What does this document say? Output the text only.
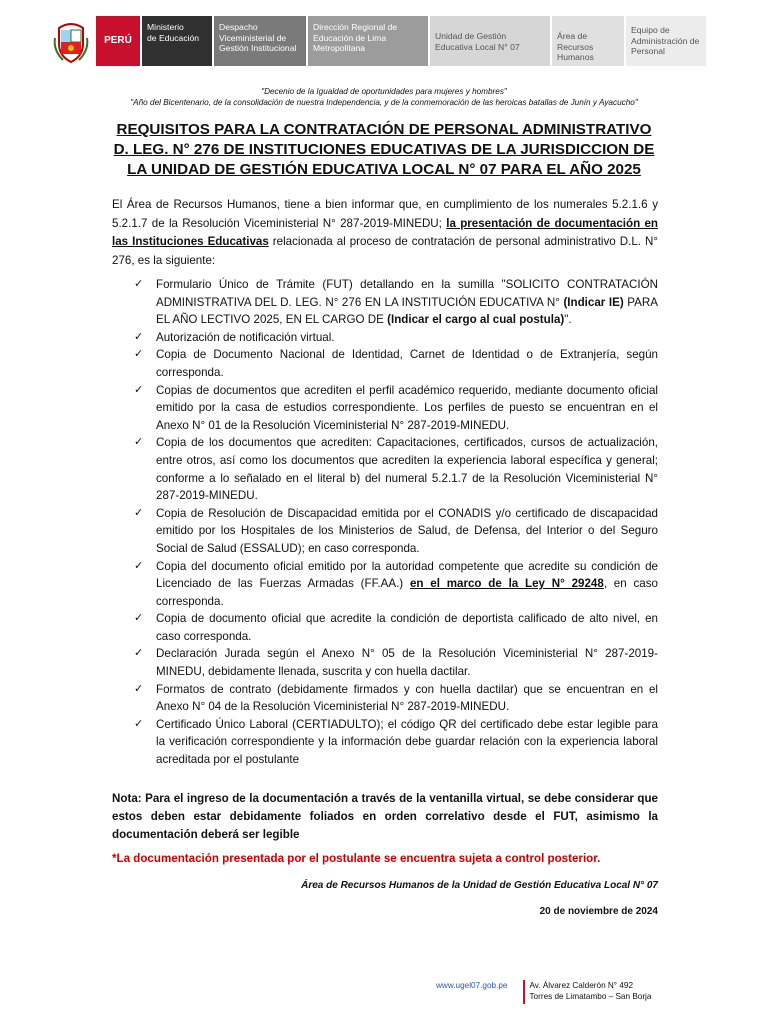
PERÚ
Ministerio
de Educación
Despacho
Viceministerial de
Gestión Institucional
Dirección Regional de
Educación de Lima
Metropolitana
Unidad de Gestión
Educativa Local N° 07
Área de Recursos
Humanos
Equipo de
Administración de
Personal
"Decenio de la Igualdad de oportunidades para mujeres y hombres"
"Año del Bicentenario, de la consolidación de nuestra Independencia, y de la conmemoración de las heroicas batallas de Junín y Ayacucho"
REQUISITOS PARA LA CONTRATACIÓN DE PERSONAL ADMINISTRATIVO D. LEG. N° 276 DE INSTITUCIONES EDUCATIVAS DE LA JURISDICCION DE LA UNIDAD DE GESTIÓN EDUCATIVA LOCAL N° 07 PARA EL AÑO 2025
El Área de Recursos Humanos, tiene a bien informar que, en cumplimiento de los numerales 5.2.1.6 y 5.2.1.7 de la Resolución Viceministerial N° 287-2019-MINEDU; la presentación de documentación en las Instituciones Educativas relacionada al proceso de contratación de personal administrativo D.L. N° 276, es la siguiente:
✓ Formulario Único de Trámite (FUT) detallando en la sumilla "SOLICITO CONTRATACIÓN ADMINISTRATIVA DEL D. LEG. N° 276 EN LA INSTITUCIÓN EDUCATIVA N° (Indicar IE) PARA EL AÑO LECTIVO 2025, EN EL CARGO DE (Indicar el cargo al cual postula)".
✓ Autorización de notificación virtual.
✓ Copia de Documento Nacional de Identidad, Carnet de Identidad o de Extranjería, según corresponda.
✓ Copias de documentos que acrediten el perfil académico requerido, mediante documento oficial emitido por la casa de estudios correspondiente. Los perfiles de puesto se encuentran en el Anexo N° 01 de la Resolución Viceministerial N° 287-2019-MINEDU.
✓ Copia de los documentos que acrediten: Capacitaciones, certificados, cursos de actualización, entre otros, así como los documentos que acrediten la experiencia laboral específica y general; conforme a lo señalado en el literal b) del numeral 5.2.1.7 de la Resolución Viceministerial N° 287-2019-MINEDU.
✓ Copia de Resolución de Discapacidad emitida por el CONADIS y/o certificado de discapacidad emitido por los Hospitales de los Ministerios de Salud, de Defensa, del Interior o del Seguro Social de Salud (ESSALUD); en caso corresponda.
✓ Copia del documento oficial emitido por la autoridad competente que acredite su condición de Licenciado de las Fuerzas Armadas (FF.AA.) en el marco de la Ley N° 29248, en caso corresponda.
✓ Copia de documento oficial que acredite la condición de deportista calificado de alto nivel, en caso corresponda.
✓ Declaración Jurada según el Anexo N° 05 de la Resolución Viceministerial N° 287-2019-MINEDU, debidamente llenada, suscrita y con huella dactilar.
✓ Formatos de contrato (debidamente firmados y con huella dactilar) que se encuentran en el Anexo N° 04 de la Resolución Viceministerial N° 287-2019-MINEDU.
✓ Certificado Único Laboral (CERTIADULTO); el código QR del certificado debe estar legible para la verificación correspondiente y la información debe guardar relación con la experiencia laboral acreditada por el postulante
Nota: Para el ingreso de la documentación a través de la ventanilla virtual, se debe considerar que estos deben estar debidamente foliados en orden correlativo desde el FUT, asimismo la documentación deberá ser legible
*La documentación presentada por el postulante se encuentra sujeta a control posterior.
Área de Recursos Humanos de la Unidad de Gestión Educativa Local N° 07
20 de noviembre de 2024
www.ugel07.gob.pe	Av. Álvarez Calderón N° 492
Torres de Limatambo – San Borja
